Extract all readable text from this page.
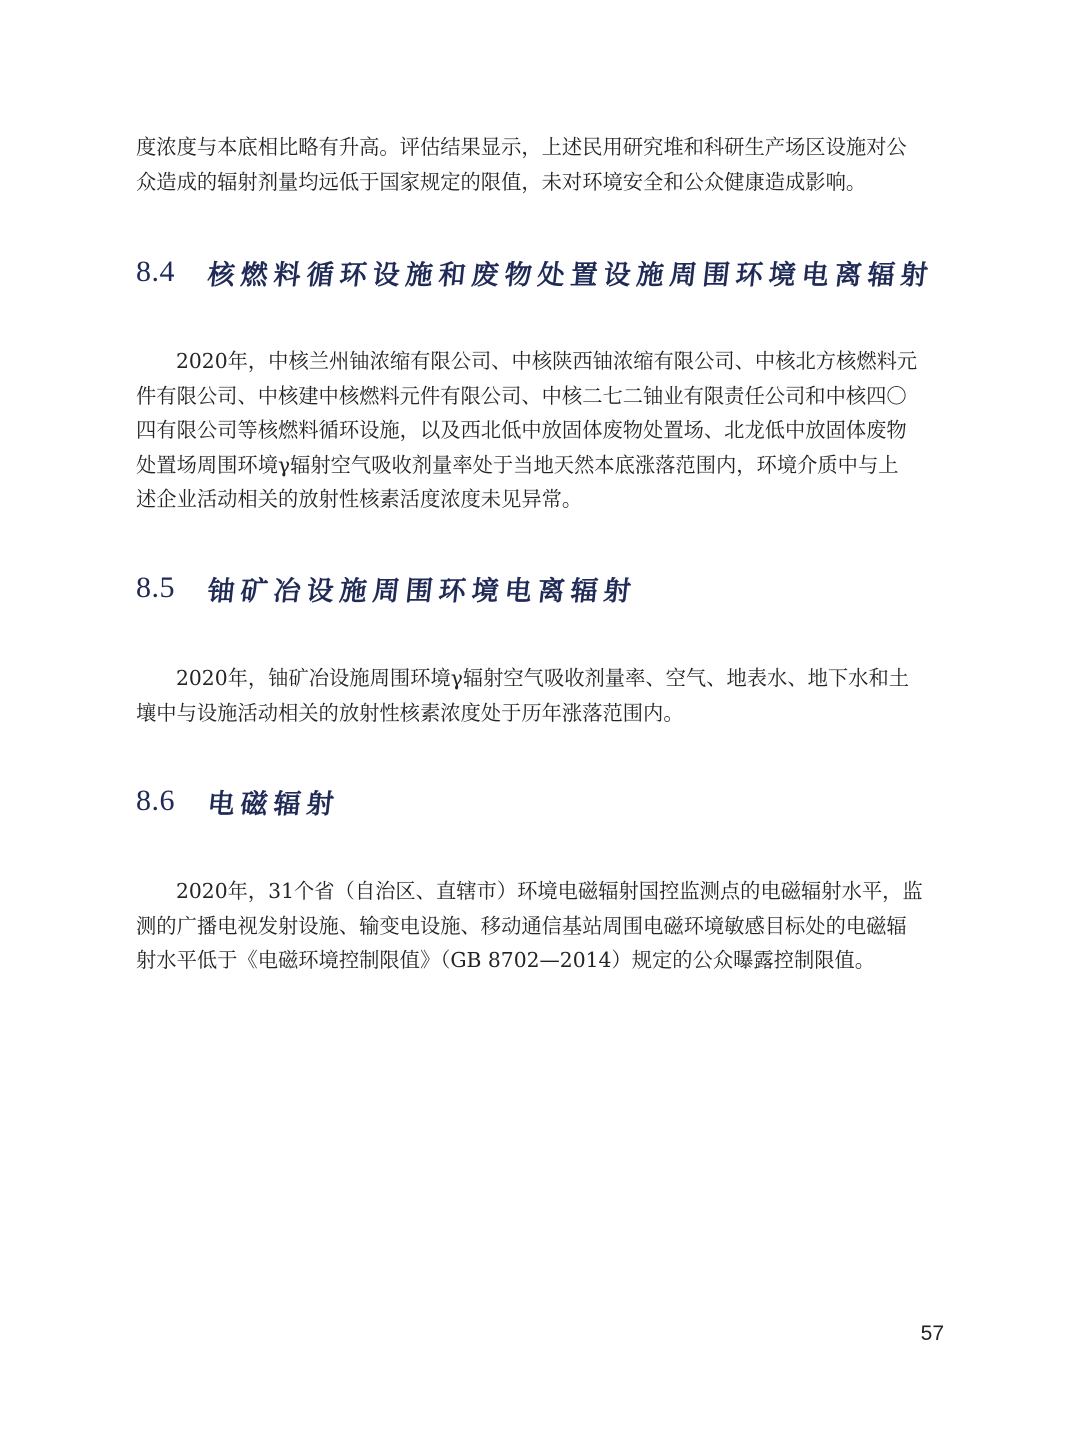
度浓度与本底相比略有升高。评估结果显示，上述民用研究堆和科研生产场区设施对公
众造成的辐射剂量均远低于国家规定的限值，未对环境安全和公众健康造成影响。

8.4	核燃料循环设施和废物处置设施周围环境电离辐射

2020年，中核兰州铀浓缩有限公司、中核陕西铀浓缩有限公司、中核北方核燃料元
件有限公司、中核建中核燃料元件有限公司、中核二七二铀业有限责任公司和中核四〇
四有限公司等核燃料循环设施，以及西北低中放固体废物处置场、北龙低中放固体废物
处置场周围环境γ辐射空气吸收剂量率处于当地天然本底涨落范围内，环境介质中与上
述企业活动相关的放射性核素活度浓度未见异常。

8.5	铀矿冶设施周围环境电离辐射

2020年，铀矿冶设施周围环境γ辐射空气吸收剂量率、空气、地表水、地下水和土
壤中与设施活动相关的放射性核素浓度处于历年涨落范围内。

8.6	电磁辐射

2020年，31个省（自治区、直辖市）环境电磁辐射国控监测点的电磁辐射水平，监
测的广播电视发射设施、输变电设施、移动通信基站周围电磁环境敏感目标处的电磁辐
射水平低于《电磁环境控制限值》（GB 8702—2014）规定的公众曝露控制限值。

57
